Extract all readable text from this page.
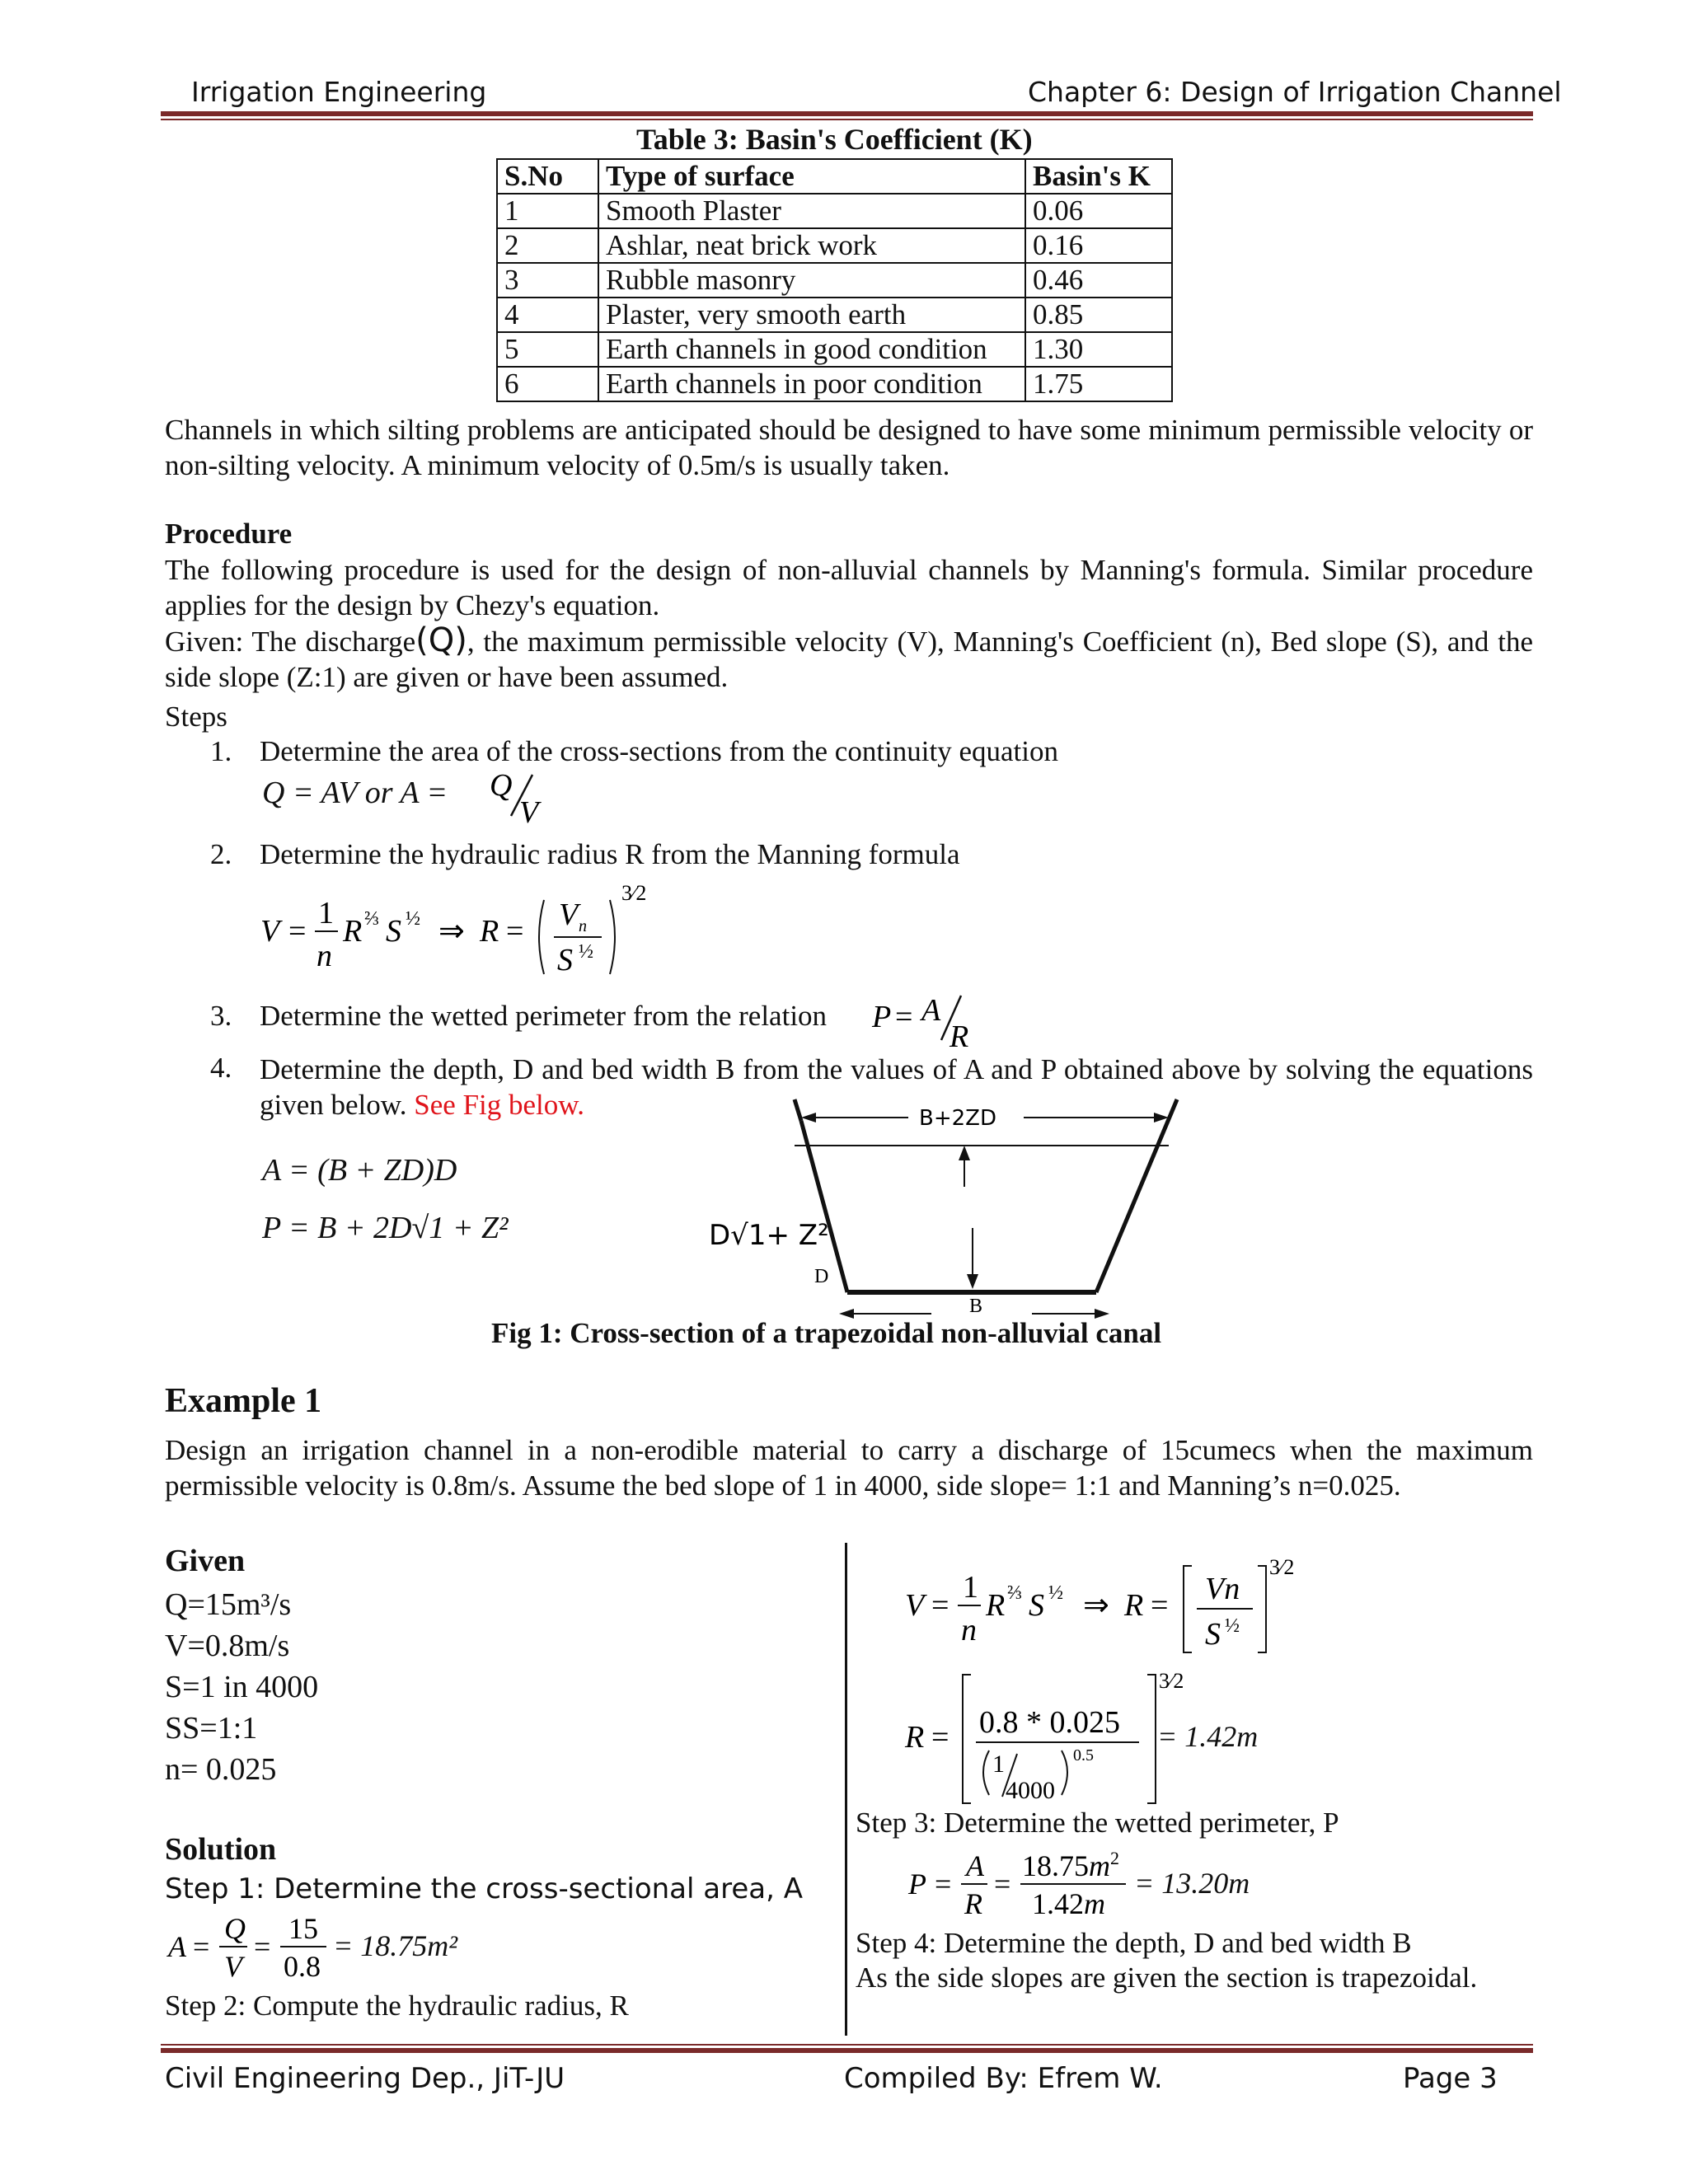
Irrigation Engineering	Chapter 6: Design of Irrigation Channel
Table 3: Basin's Coefficient (K)
S.No	Type of surface	Basin's K
1	Smooth Plaster	0.06
2	Ashlar, neat brick work	0.16
3	Rubble masonry	0.46
4	Plaster, very smooth earth	0.85
5	Earth channels in good condition	1.30
6	Earth channels in poor condition	1.75
Channels in which silting problems are anticipated should be designed to have some minimum permissible velocity or non-silting velocity. A minimum velocity of 0.5m/s is usually taken.
Procedure
The following procedure is used for the design of non-alluvial channels by Manning's formula. Similar procedure applies for the design by Chezy's equation.
Given: The discharge(Q), the maximum permissible velocity (V), Manning's Coefficient (n), Bed slope (S), and the side slope (Z:1) are given or have been assumed.
Steps
1. Determine the area of the cross-sections from the continuity equation
Q = AV or A = Q
V
2. Determine the hydraulic radius R from the Manning formula
V =
1
n
R ⅔ S ½ ⇒ R = V n
S ½
3⁄2
3. Determine the wetted perimeter from the relation P = A
R
4. Determine the depth, D and bed width B from the values of A and P obtained above by solving the equations given below. See Fig below.
A = (B + ZD)D
P = B + 2D√1 + Z²
B+2ZD
D√1+ Z²
D
B
Fig 1: Cross-section of a trapezoidal non-alluvial canal
Example 1
Design an irrigation channel in a non-erodible material to carry a discharge of 15cumecs when the maximum permissible velocity is 0.8m/s. Assume the bed slope of 1 in 4000, side slope= 1:1 and Manning’s n=0.025.
Given
Q=15m³/s
V=0.8m/s
S=1 in 4000
SS=1:1
n= 0.025
Solution
Step 1: Determine the cross-sectional area, A
A =
Q
V
=
15
0.8
= 18.75m²
Step 2: Compute the hydraulic radius, R
V =
1
n
R ⅔ S ½ ⇒ R = Vn
S ½
3⁄2
R = 0.8 * 0.025
1
4000
0.5
3⁄2
= 1.42m
Step 3: Determine the wetted perimeter, P
P =
A
R
=
$18.75m^2$
1.42m
= 13.20m
Step 4: Determine the depth, D and bed width B
As the side slopes are given the section is trapezoidal.
Civil Engineering Dep., JiT-JU	Compiled By: Efrem W.	Page 3
